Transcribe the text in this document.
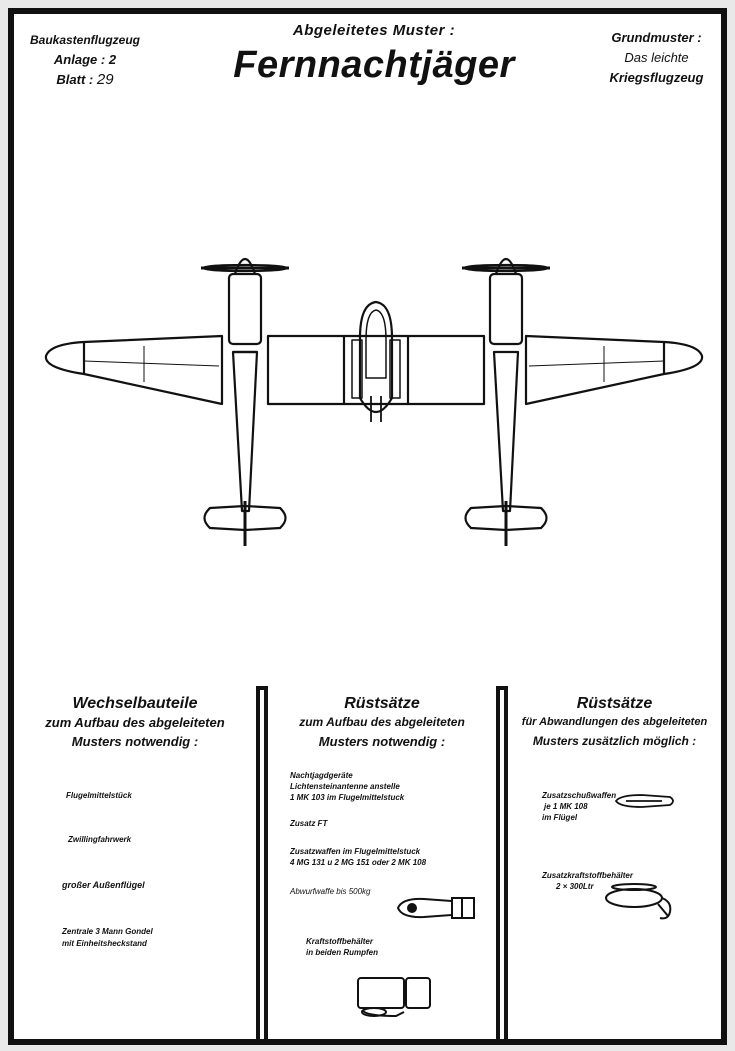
Baukastenflugzeug
Anlage : 2
Blatt : 29
Abgeleitetes Muster :
Fernnachtjäger
Grundmuster :
Das leichte
Kriegsflugzeug
Wechselbauteile
zum Aufbau des abgeleiteten
Musters notwendig :
Flugelmittelstück
Zwillingfahrwerk
großer Außenflügel
Zentrale 3 Mann Gondel
mit Einheitsheckstand
Rüstsätze
zum Aufbau des abgeleiteten
Musters notwendig :
Nachtjagdgeräte
Lichtensteinantenne anstelle
1 MK 103 im Flugelmittelstuck
Zusatz FT
Zusatzwaffen im Flugelmittelstuck
4 MG 131 u 2 MG 151 oder 2 MK 108
Abwurfwaffe bis 500kg
Kraftstoffbehälter
in beiden Rumpfen
Rüstsätze
für Abwandlungen des abgeleiteten
Musters zusätzlich möglich :
Zusatzschußwaffen
je 1 MK 108
im Flügel
Zusatzkraftstoffbehälter
2 × 300Ltr
